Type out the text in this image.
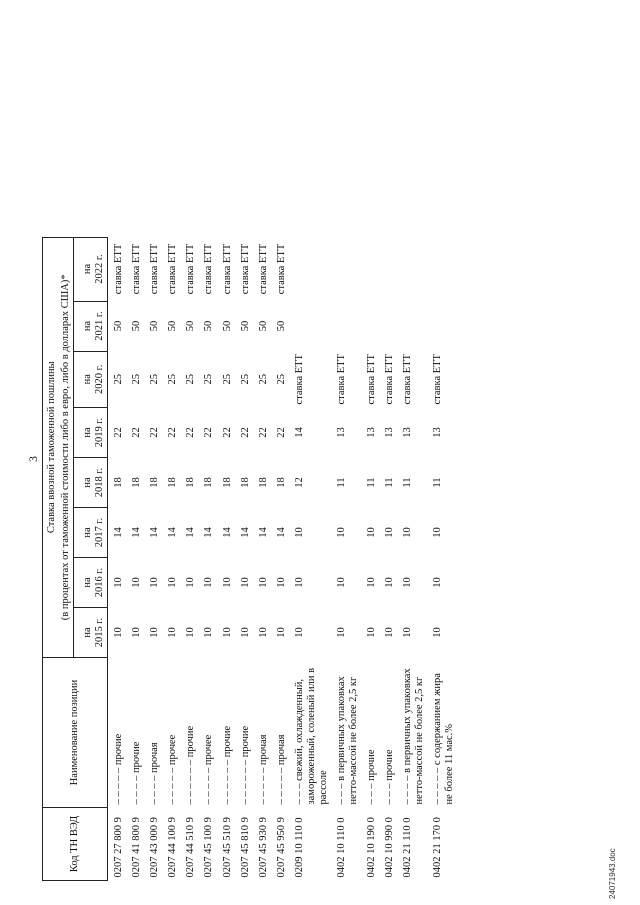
3
24071943.doc
Код ТН ВЭД	Наименование позиции	Ставка ввозной таможенной пошлины							
		(в процентах от таможенной стоимости либо в евро, либо в долларах США)*							
		на
2015 г.	на
2016 г.	на
2017 г.	на
2018 г.	на
2019 г.	на
2020 г.	на
2021 г.	на
2022 г.

0207 27 800 9	– – – – – прочие	10	10	14	18	22	25	50	ставка ЕТТ
0207 41 800 9	– – – – прочие	10	10	14	18	22	25	50	ставка ЕТТ
0207 43 000 9	– – – – прочая	10	10	14	18	22	25	50	ставка ЕТТ
0207 44 100 9	– – – – – прочее	10	10	14	18	22	25	50	ставка ЕТТ
0207 44 510 9	– – – – – – прочие	10	10	14	18	22	25	50	ставка ЕТТ
0207 45 100 9	– – – – – прочее	10	10	14	18	22	25	50	ставка ЕТТ
0207 45 510 9	– – – – – – прочие	10	10	14	18	22	25	50	ставка ЕТТ
0207 45 810 9	– – – – – – прочие	10	10	14	18	22	25	50	ставка ЕТТ
0207 45 930 9	– – – – – прочая	10	10	14	18	22	25	50	ставка ЕТТ
0207 45 950 9	– – – – – прочая	10	10	14	18	22	25	50	ставка ЕТТ
0209 10 110 0	– – – свежий, охлажденный, замороженный, соленый или в рассоле	10	10	10	12	14	ставка ЕТТ		
0402 10 110 0	– – – в первичных упаковках нетто-массой не более 2,5 кг	10	10	10	11	13	ставка ЕТТ		
0402 10 190 0	– – – прочие	10	10	10	11	13	ставка ЕТТ		
0402 10 990 0	– – – прочие	10	10	10	11	13	ставка ЕТТ		
0402 21 110 0	– – – – в первичных упаковках нетто-массой не более 2,5 кг	10	10	10	11	13	ставка ЕТТ		
0402 21 170 0	– – – – – с содержанием жира не более 11 мас.%	10	10	10	11	13	ставка ЕТТ		
